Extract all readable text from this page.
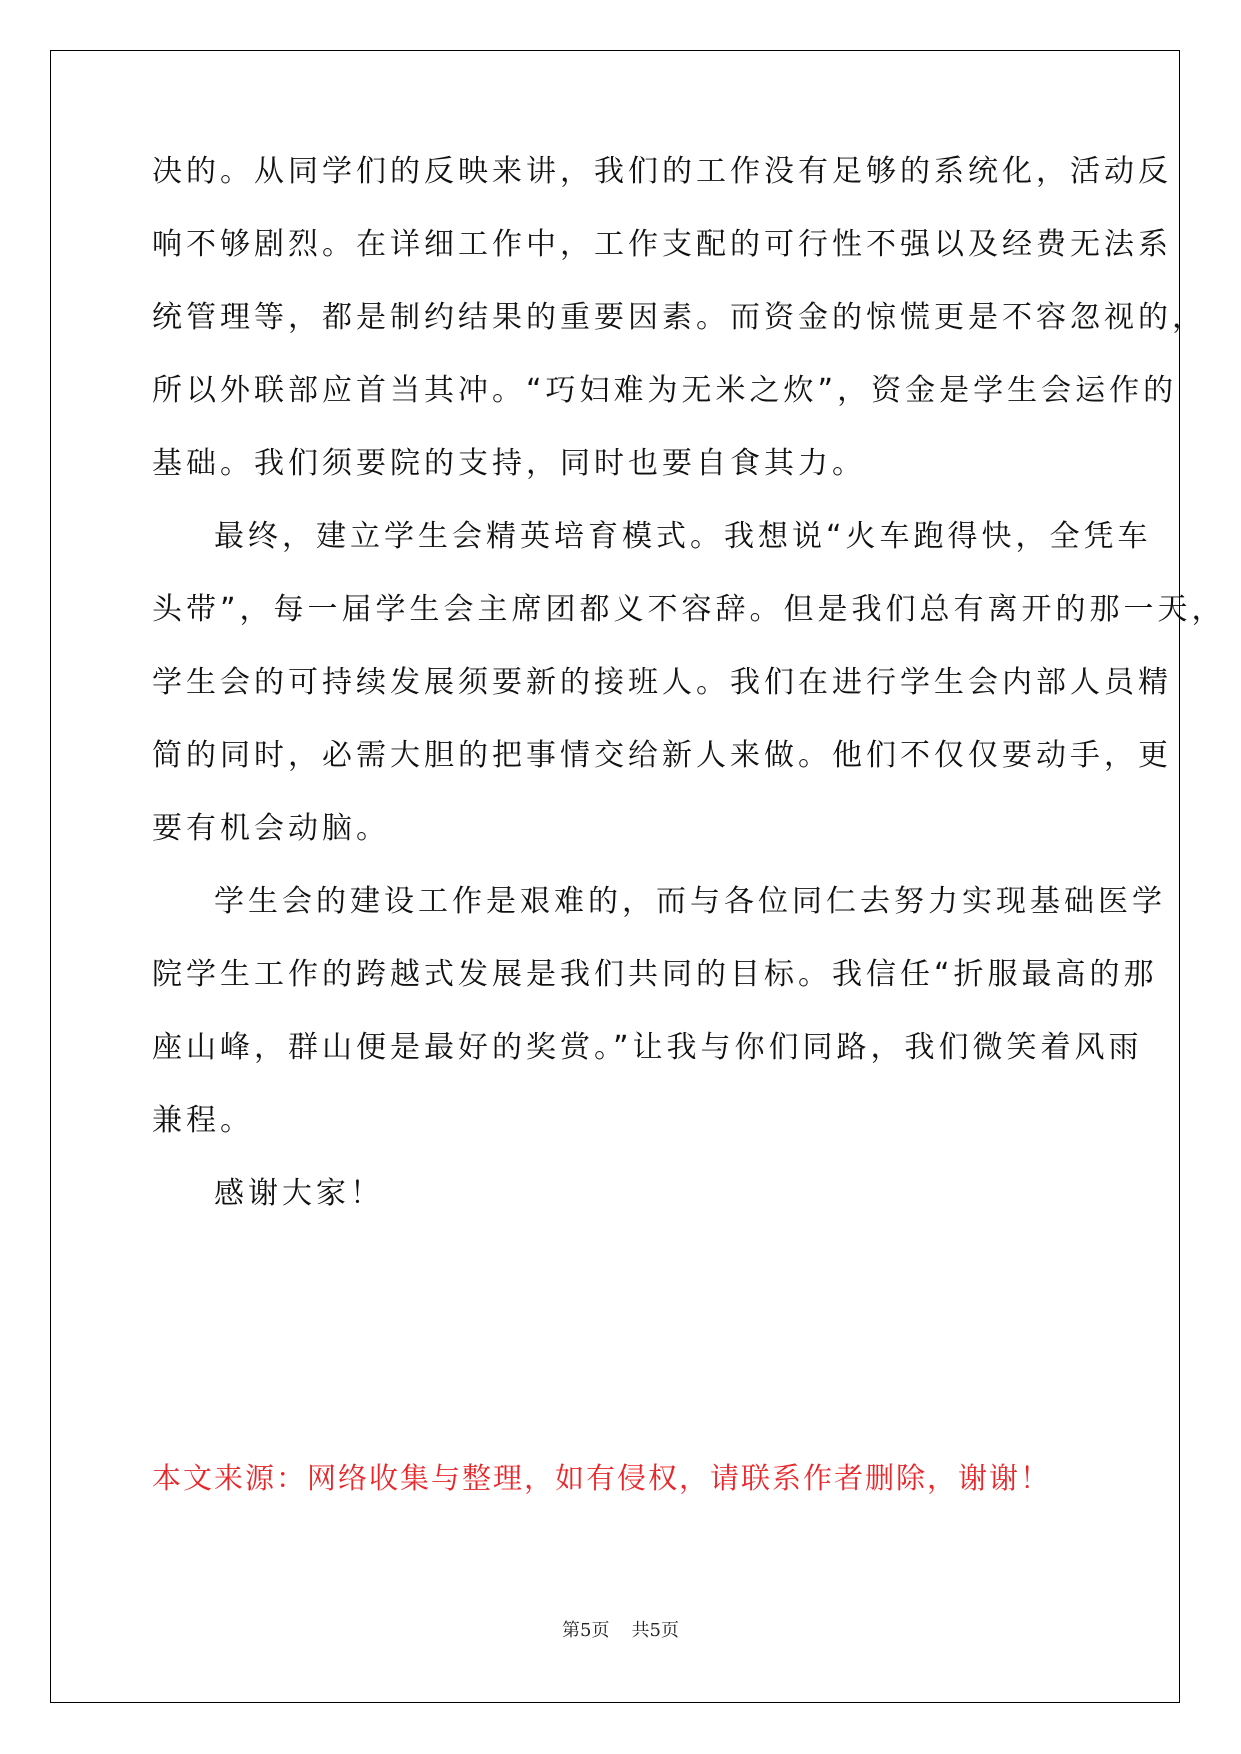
决的。从同学们的反映来讲，我们的工作没有足够的系统化，活动反
响不够剧烈。在详细工作中，工作支配的可行性不强以及经费无法系
统管理等，都是制约结果的重要因素。而资金的惊慌更是不容忽视的，
所以外联部应首当其冲。“巧妇难为无米之炊”，资金是学生会运作的
基础。我们须要院的支持，同时也要自食其力。
最终，建立学生会精英培育模式。我想说“火车跑得快，全凭车
头带”，每一届学生会主席团都义不容辞。但是我们总有离开的那一天，
学生会的可持续发展须要新的接班人。我们在进行学生会内部人员精
简的同时，必需大胆的把事情交给新人来做。他们不仅仅要动手，更
要有机会动脑。
学生会的建设工作是艰难的，而与各位同仁去努力实现基础医学
院学生工作的跨越式发展是我们共同的目标。我信任“折服最高的那
座山峰，群山便是最好的奖赏。”让我与你们同路，我们微笑着风雨
兼程。
感谢大家！
本文来源：网络收集与整理，如有侵权，请联系作者删除，谢谢！
第5页 共5页
